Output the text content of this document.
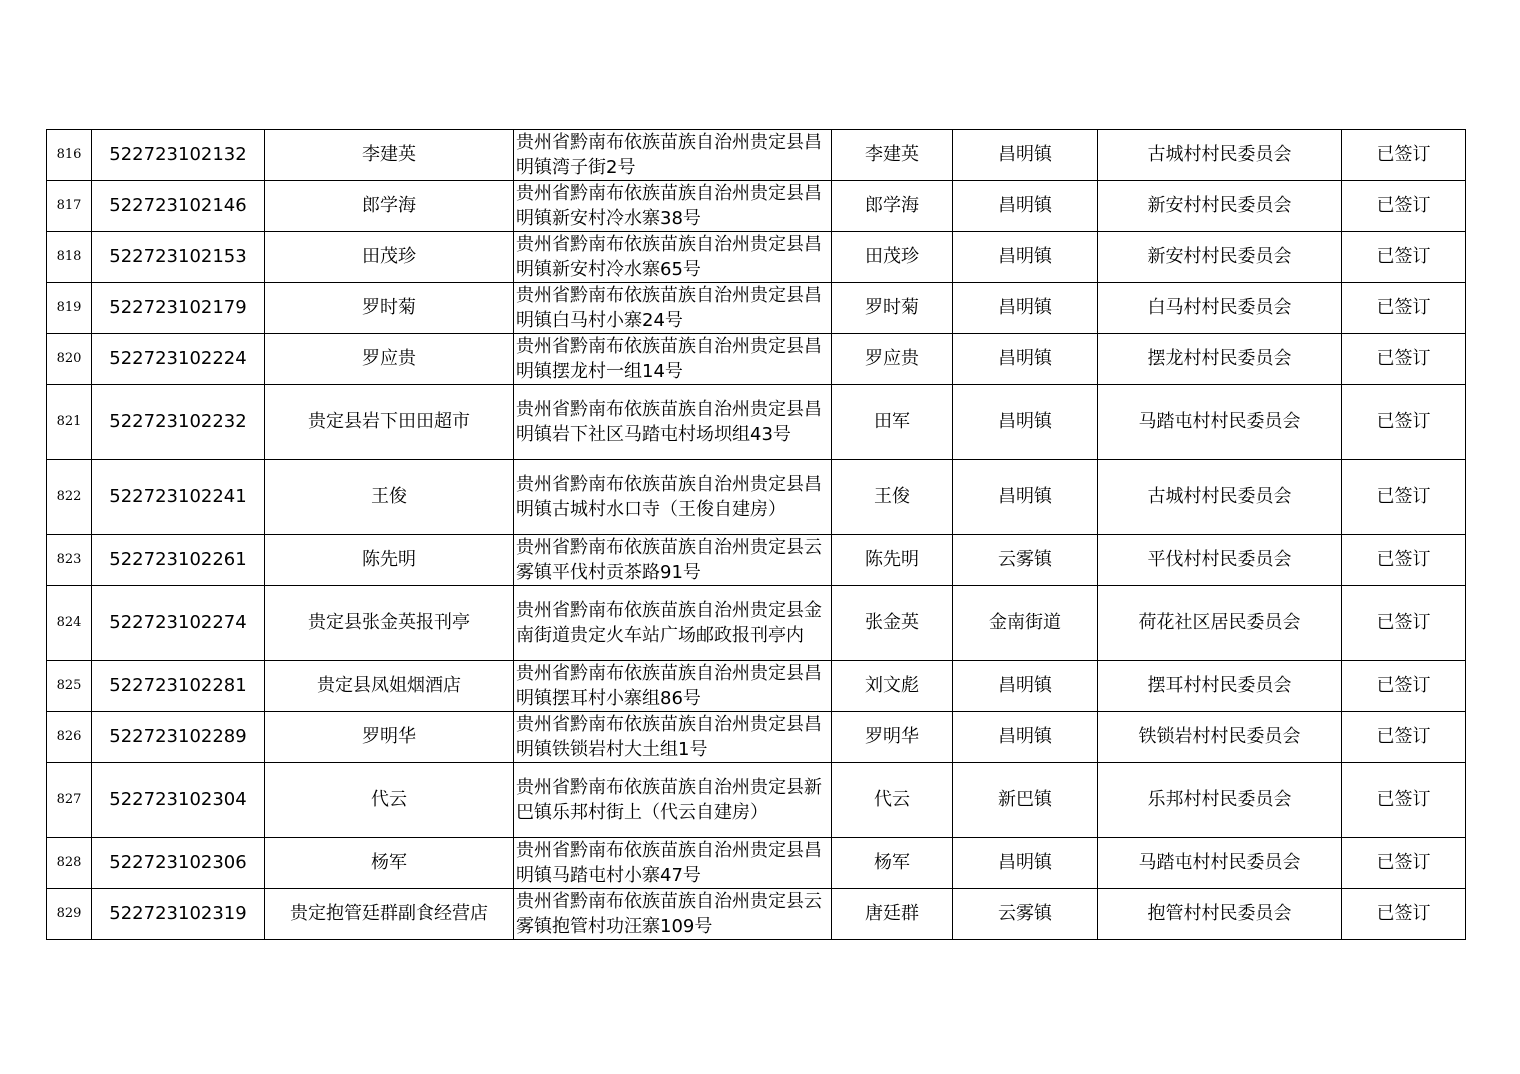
816	522723102132	李建英	贵州省黔南布依族苗族自治州贵定县昌明镇湾子街2号	李建英	昌明镇	古城村村民委员会	已签订
817	522723102146	郎学海	贵州省黔南布依族苗族自治州贵定县昌明镇新安村冷水寨38号	郎学海	昌明镇	新安村村民委员会	已签订
818	522723102153	田茂珍	贵州省黔南布依族苗族自治州贵定县昌明镇新安村冷水寨65号	田茂珍	昌明镇	新安村村民委员会	已签订
819	522723102179	罗时菊	贵州省黔南布依族苗族自治州贵定县昌明镇白马村小寨24号	罗时菊	昌明镇	白马村村民委员会	已签订
820	522723102224	罗应贵	贵州省黔南布依族苗族自治州贵定县昌明镇摆龙村一组14号	罗应贵	昌明镇	摆龙村村民委员会	已签订
821	522723102232	贵定县岩下田田超市	贵州省黔南布依族苗族自治州贵定县昌明镇岩下社区马踏屯村场坝组43号	田军	昌明镇	马踏屯村村民委员会	已签订
822	522723102241	王俊	贵州省黔南布依族苗族自治州贵定县昌明镇古城村水口寺（王俊自建房）	王俊	昌明镇	古城村村民委员会	已签订
823	522723102261	陈先明	贵州省黔南布依族苗族自治州贵定县云雾镇平伐村贡茶路91号	陈先明	云雾镇	平伐村村民委员会	已签订
824	522723102274	贵定县张金英报刊亭	贵州省黔南布依族苗族自治州贵定县金南街道贵定火车站广场邮政报刊亭内	张金英	金南街道	荷花社区居民委员会	已签订
825	522723102281	贵定县凤姐烟酒店	贵州省黔南布依族苗族自治州贵定县昌明镇摆耳村小寨组86号	刘文彪	昌明镇	摆耳村村民委员会	已签订
826	522723102289	罗明华	贵州省黔南布依族苗族自治州贵定县昌明镇铁锁岩村大土组1号	罗明华	昌明镇	铁锁岩村村民委员会	已签订
827	522723102304	代云	贵州省黔南布依族苗族自治州贵定县新巴镇乐邦村街上（代云自建房）	代云	新巴镇	乐邦村村民委员会	已签订
828	522723102306	杨军	贵州省黔南布依族苗族自治州贵定县昌明镇马踏屯村小寨47号	杨军	昌明镇	马踏屯村村民委员会	已签订
829	522723102319	贵定抱管廷群副食经营店	贵州省黔南布依族苗族自治州贵定县云雾镇抱管村功汪寨109号	唐廷群	云雾镇	抱管村村民委员会	已签订
